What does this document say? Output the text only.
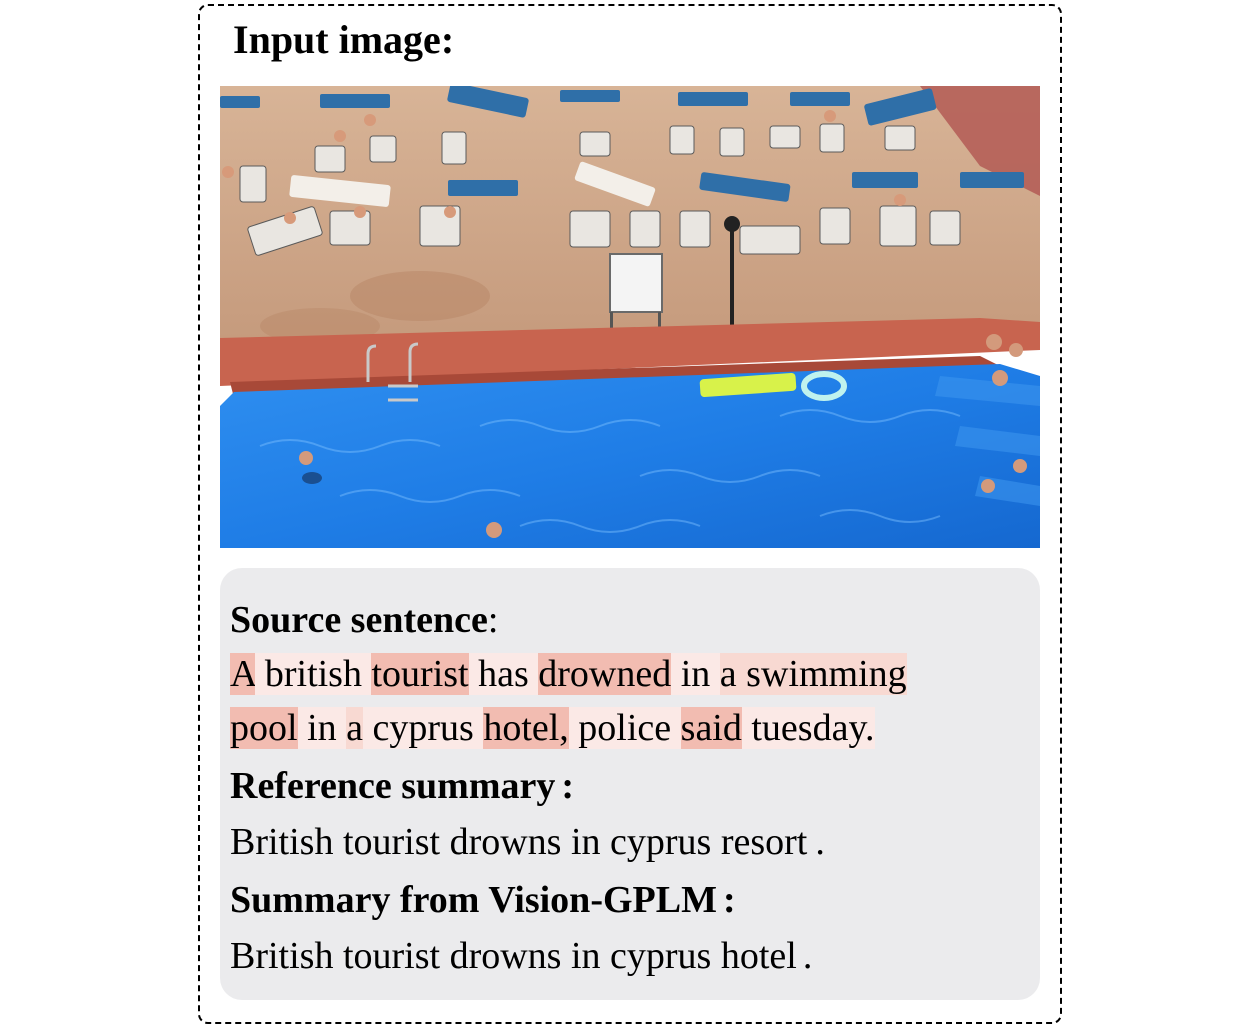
Input image:
Source sentence:
A british tourist has drowned in a swimming
pool in a cyprus hotel, police said tuesday.
Reference summary :
British tourist drowns in cyprus resort .
Summary from Vision-GPLM :
British tourist drowns in cyprus hotel .
